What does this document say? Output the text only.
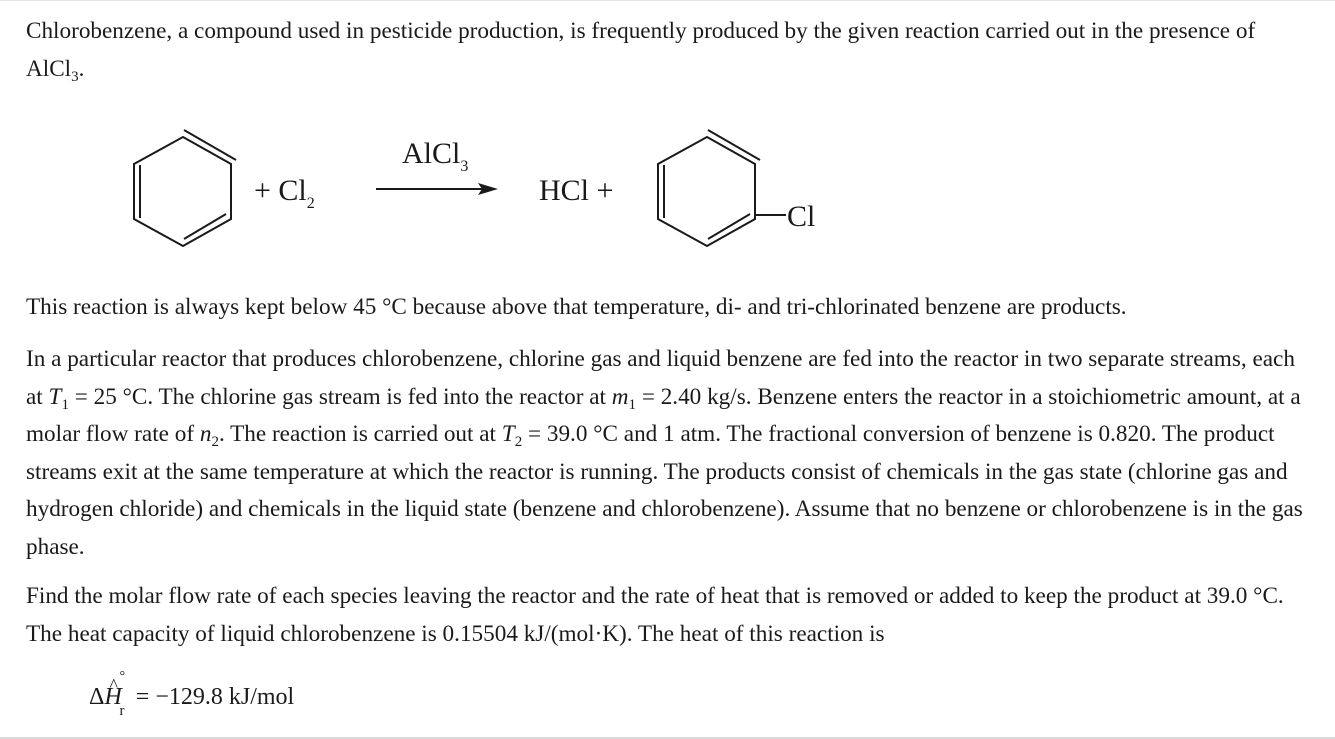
Chlorobenzene, a compound used in pesticide production, is frequently produced by the given reaction carried out in the presence of AlCl$_3$.

This reaction is always kept below 45 °C because above that temperature, di- and tri-chlorinated benzene are products.

In a particular reactor that produces chlorobenzene, chlorine gas and liquid benzene are fed into the reactor in two separate streams, each at $T_1 = 25$ °C. The chlorine gas stream is fed into the reactor at $m_1 = 2.40$ kg/s. Benzene enters the reactor in a stoichiometric amount, at a molar flow rate of $n_2$. The reaction is carried out at $T_2 = 39.0$ °C and 1 atm. The fractional conversion of benzene is 0.820. The product streams exit at the same temperature at which the reactor is running. The products consist of chemicals in the gas state (chlorine gas and hydrogen chloride) and chemicals in the liquid state (benzene and chlorobenzene). Assume that no benzene or chlorobenzene is in the gas phase.

Find the molar flow rate of each species leaving the reactor and the rate of heat that is removed or added to keep the product at 39.0 °C. The heat capacity of liquid chlorobenzene is 0.15504 kJ/(mol·K). The heat of this reaction is

+ $Cl_2$
AlCl$_3$
HCl +
Cl
Δ^ H
°
r
= −129.8 kJ/mol
